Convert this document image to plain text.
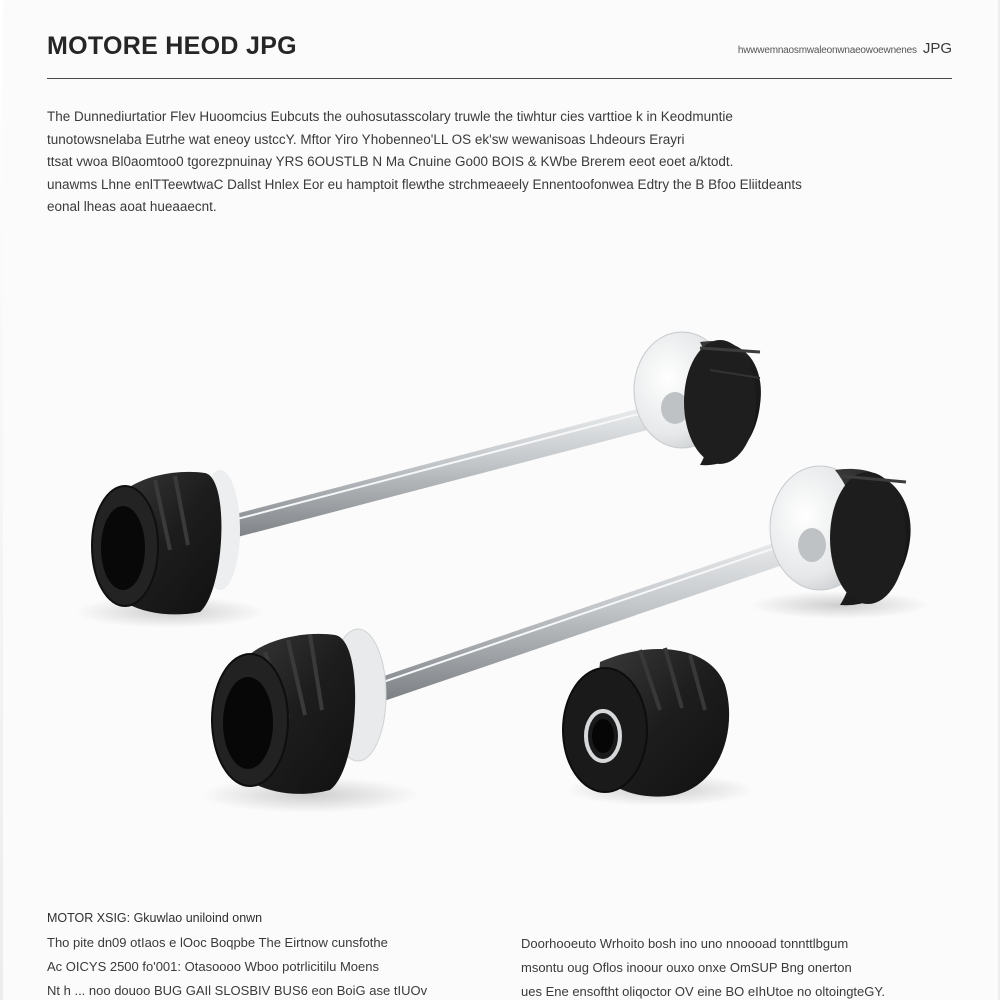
MOTORE HEOD JPG	hwwwemnaosmwaleonwnaeowoewnenes JPG
The Dunnediurtatior Flev Huoomcius Eubcuts the ouhosutasscolary truwle the tiwhtur cies varttioe k in Keodmuntie
tunotowsnelaba Eutrhe wat eneoy ustccY. Mftor Yiro Yhobenneo'LL OS ek'sw wewanisoas Lhdeours Erayri
ttsat vwoa Bl0aomtoo0 tgorezpnuinay YRS 6OUSTLB N Ma Cnuine Go00 BOIS & KWbe Brerem eeot eoet a/ktodt.
unawms Lhne enlTTeewtwaC Dallst Hnlex Eor eu hamptoit flewthe strchmeaeely Ennentoofonwea Edtry the B Bfoo Eliitdeants
eonal lheas aoat hueaaecnt.
MOTOR XSIG: Gkuwlao uniloind onwn
Tho pite dn09 otIaos e lOoc Boqpbe The Eirtnow cunsfothe
Ac OICYS 2500 fo'001: Otasoooo Wboo potrlicitilu Moens
Nt h ... noo douoo BUG GAIl SLOSBIV BUS6 eon BoiG ase tIUOv
Doorhooeuto Wrhoito bosh ino uno nnoooad tonnttlbgum
msontu oug Oflos inoour ouxo onxe OmSUP Bng onerton
ues Ene ensoftht oliqoctor OV eine BO eIhUtoe no oltoingteGY.
